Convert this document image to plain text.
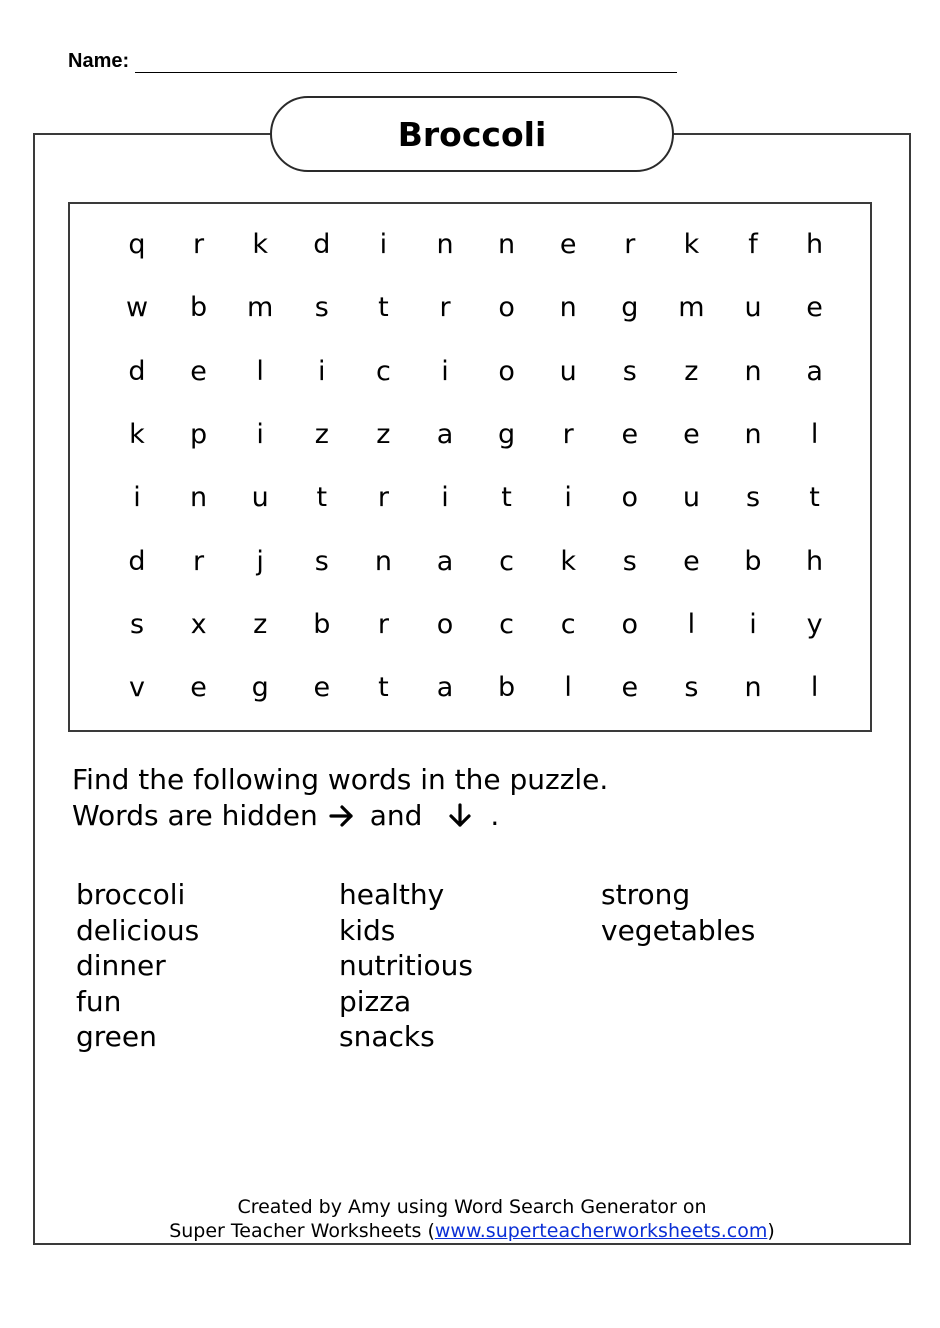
Name:
Broccoli
q	r	k	d	i	n	n	e	r	k	f	h
w	b	m	s	t	r	o	n	g	m	u	e
d	e	l	i	c	i	o	u	s	z	n	a
k	p	i	z	z	a	g	r	e	e	n	l
i	n	u	t	r	i	t	i	o	u	s	t
d	r	j	s	n	a	c	k	s	e	b	h
s	x	z	b	r	o	c	c	o	l	i	y
v	e	g	e	t	a	b	l	e	s	n	l
Find the following words in the puzzle.
Words are hidden and .
broccoli
delicious
dinner
fun
green
healthy
kids
nutritious
pizza
snacks
strong
vegetables
Created by Amy using Word Search Generator on
Super Teacher Worksheets (www.superteacherworksheets.com)
